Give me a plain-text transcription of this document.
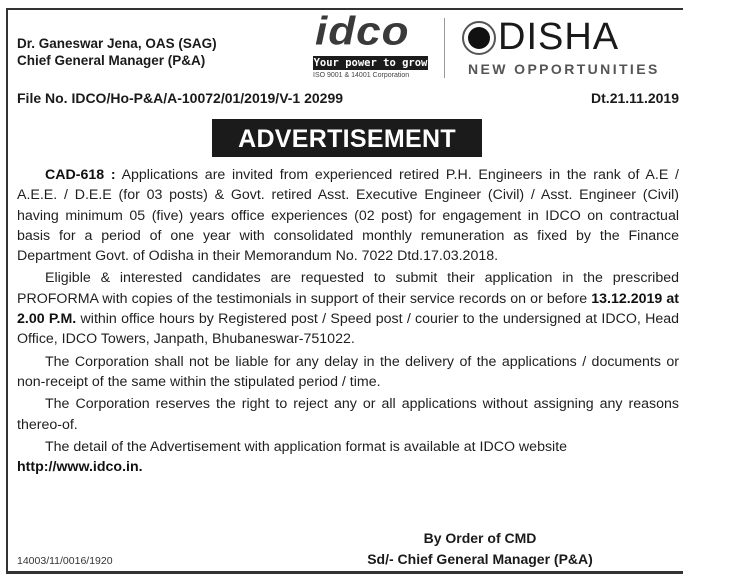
Dr. Ganeswar Jena, OAS (SAG)
Chief General Manager (P&A)
idco
Your power to grow
ISO 9001 & 14001 Corporation
DISHA
NEW OPPORTUNITIES
File No. IDCO/Ho-P&A/A-10072/01/2019/V-1 20299	Dt.21.11.2019
ADVERTISEMENT

CAD-618 : Applications are invited from experienced retired P.H. Engineers in the rank of A.E / A.E.E. / D.E.E (for 03 posts) & Govt. retired Asst. Executive Engineer (Civil) / Asst. Engineer (Civil) having minimum 05 (five) years office experiences (02 post) for engagement in IDCO on contractual basis for a period of one year with consolidated monthly remuneration as fixed by the Finance Department Govt. of Odisha in their Memorandum No. 7022 Dtd.17.03.2018.

Eligible & interested candidates are requested to submit their application in the prescribed PROFORMA with copies of the testimonials in support of their service records on or before 13.12.2019 at 2.00 P.M. within office hours by Registered post / Speed post / courier to the undersigned at IDCO, Head Office, IDCO Towers, Janpath, Bhubaneswar-751022.

The Corporation shall not be liable for any delay in the delivery of the applications / documents or non-receipt of the same within the stipulated period / time.

The Corporation reserves the right to reject any or all applications without assigning any reasons thereo-of.

The detail of the Advertisement with application format is available at IDCO website
http://www.idco.in.

By Order of CMD
Sd/- Chief General Manager (P&A)
14003/11/0016/1920
